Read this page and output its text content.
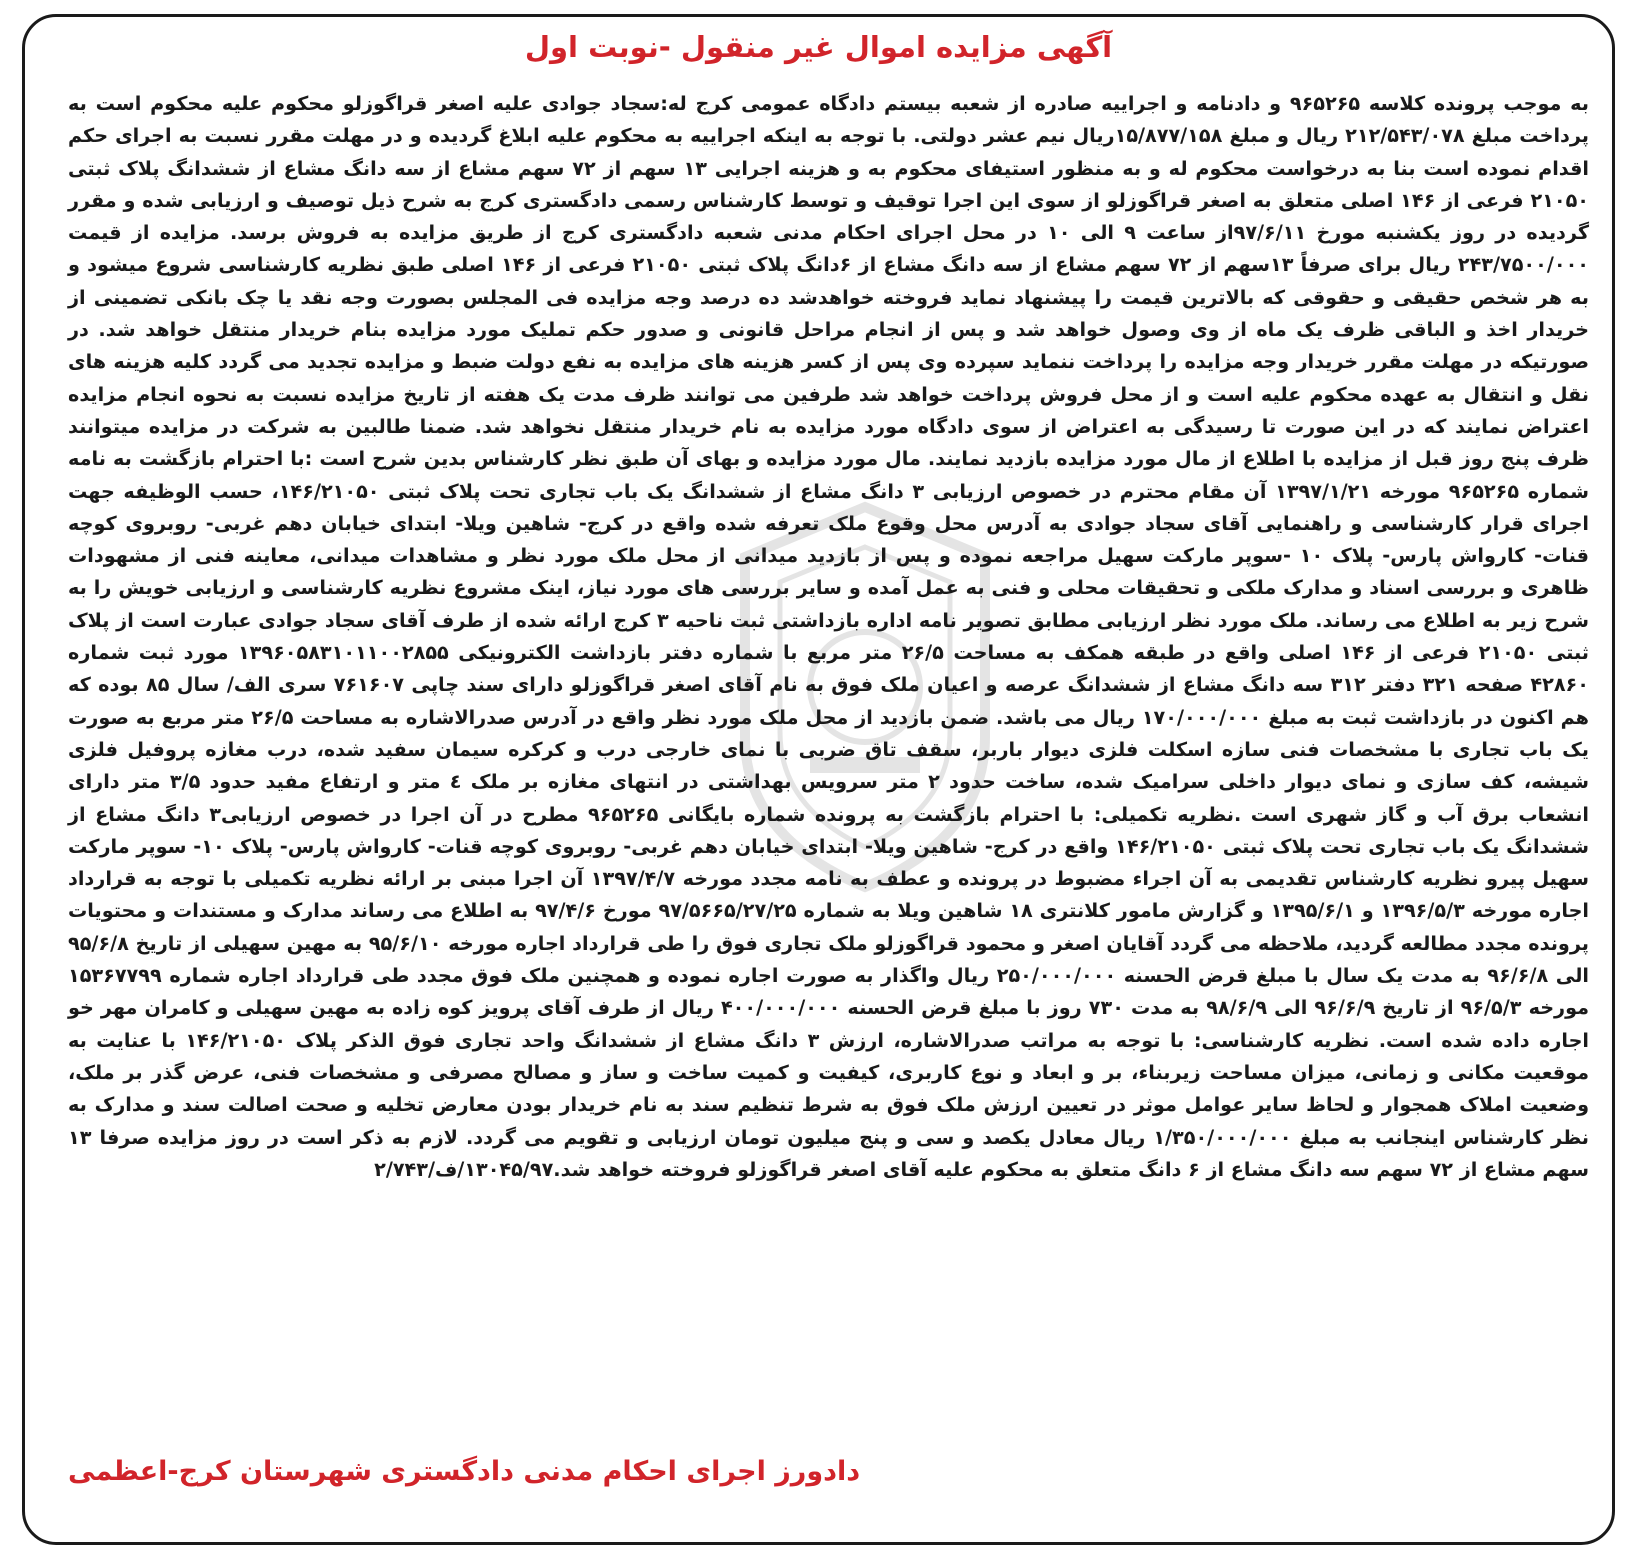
آگهی مزایده اموال غیر منقول -نوبت اول

به موجب پرونده کلاسه ۹۶۵۲۶۵ و دادنامه و اجراییه صادره از شعبه بیستم دادگاه عمومی کرج له:سجاد جوادی علیه اصغر قراگوزلو محکوم علیه محکوم است به پرداخت مبلغ ۲۱۲/۵۴۳/۰۷۸ ریال و مبلغ ۱۵/۸۷۷/۱۵۸ریال نیم عشر دولتی. با توجه به اینکه اجراییه به محکوم علیه ابلاغ گردیده و در مهلت مقرر نسبت به اجرای حکم اقدام نموده است بنا به درخواست محکوم له و به منظور استیفای محکوم به و هزینه اجرایی ۱۳ سهم از ۷۲ سهم مشاع از سه دانگ مشاع از ششدانگ پلاک ثبتی ۲۱۰۵۰ فرعی از ۱۴۶ اصلی متعلق به اصغر قراگوزلو از سوی این اجرا توقیف و توسط کارشناس رسمی دادگستری کرج به شرح ذیل توصیف و ارزیابی شده و مقرر گردیده در روز یکشنبه مورخ ۹۷/۶/۱۱از ساعت ۹ الی ۱۰ در محل اجرای احکام مدنی شعبه دادگستری کرج از طریق مزایده به فروش برسد. مزایده از قیمت ۲۴۳/۷۵۰۰/۰۰۰ ریال برای صرفاً ۱۳سهم از ۷۲ سهم مشاع از سه دانگ مشاع از ۶دانگ پلاک ثبتی ۲۱۰۵۰ فرعی از ۱۴۶ اصلی طبق نظریه کارشناسی شروع میشود و به هر شخص حقیقی و حقوقی که بالاترین قیمت را پیشنهاد نماید فروخته خواهدشد ده درصد وجه مزایده فی المجلس بصورت وجه نقد یا چک بانکی تضمینی از خریدار اخذ و الباقی ظرف یک ماه از وی وصول خواهد شد و پس از انجام مراحل قانونی و صدور حکم تملیک مورد مزایده بنام خریدار منتقل خواهد شد. در صورتیکه در مهلت مقرر خریدار وجه مزایده را پرداخت ننماید سپرده وی پس از کسر هزینه های مزایده به نفع دولت ضبط و مزایده تجدید می گردد کلیه هزینه های نقل و انتقال به عهده محکوم علیه است و از محل فروش پرداخت خواهد شد طرفین می توانند ظرف مدت یک هفته از تاریخ مزایده نسبت به نحوه انجام مزایده اعتراض نمایند که در این صورت تا رسیدگی به اعتراض از سوی دادگاه مورد مزایده به نام خریدار منتقل نخواهد شد. ضمنا طالبین به شرکت در مزایده میتوانند ظرف پنج روز قبل از مزایده با اطلاع از مال مورد مزایده بازدید نمایند. مال مورد مزایده و بهای آن طبق نظر کارشناس بدین شرح است :با احترام بازگشت به نامه شماره ۹۶۵۲۶۵ مورخه ۱۳۹۷/۱/۲۱ آن مقام محترم در خصوص ارزیابی ۳ دانگ مشاع از ششدانگ یک باب تجاری تحت پلاک ثبتی ۱۴۶/۲۱۰۵۰، حسب الوظیفه جهت اجرای قرار کارشناسی و راهنمایی آقای سجاد جوادی به آدرس محل وقوع ملک تعرفه شده واقع در کرج- شاهین ویلا- ابتدای خیابان دهم غربی- روبروی کوچه قنات- کارواش پارس- پلاک ۱۰ -سوپر مارکت سهیل مراجعه نموده و پس از بازدید میدانی از محل ملک مورد نظر و مشاهدات میدانی، معاینه فنی از مشهودات ظاهری و بررسی اسناد و مدارک ملکی و تحقیقات محلی و فنی به عمل آمده و سایر بررسی های مورد نیاز، اینک مشروع نظریه کارشناسی و ارزیابی خویش را به شرح زیر به اطلاع می رساند. ملک مورد نظر ارزیابی مطابق تصویر نامه اداره بازداشتی ثبت ناحیه ۳ کرج ارائه شده از طرف آقای سجاد جوادی عبارت است از پلاک ثبتی ۲۱۰۵۰ فرعی از ۱۴۶ اصلی واقع در طبقه همکف به مساحت ۲۶/۵ متر مربع با شماره دفتر بازداشت الکترونیکی ۱۳۹۶۰۵۸۳۱۰۱۱۰۰۲۸۵۵ مورد ثبت شماره ۴۲۸۶۰ صفحه ۳۲۱ دفتر ۳۱۲ سه دانگ مشاع از ششدانگ عرصه و اعیان ملک فوق به نام آقای اصغر قراگوزلو دارای سند چاپی ۷۶۱۶۰۷ سری الف/ سال ۸۵ بوده که هم اکنون در بازداشت ثبت به مبلغ ۱۷۰/۰۰۰/۰۰۰ ریال می باشد. ضمن بازدید از محل ملک مورد نظر واقع در آدرس صدرالاشاره به مساحت ۲۶/۵ متر مربع به صورت یک باب تجاری با مشخصات فنی سازه اسکلت فلزی دیوار باربر، سقف تاق ضربی با نمای خارجی درب و کرکره سیمان سفید شده، درب مغازه پروفیل فلزی شیشه، کف سازی و نمای دیوار داخلی سرامیک شده، ساخت حدود ۲ متر سرویس بهداشتی در انتهای مغازه بر ملک ٤ متر و ارتفاع مفید حدود ۳/۵ متر دارای انشعاب برق آب و گاز شهری است .نظریه تکمیلی: با احترام بازگشت به پرونده شماره بایگانی ۹۶۵۲۶۵ مطرح در آن اجرا در خصوص ارزیابی۳ دانگ مشاع از ششدانگ یک باب تجاری تحت پلاک ثبتی ۱۴۶/۲۱۰۵۰ واقع در کرج- شاهین ویلا- ابتدای خیابان دهم غربی- روبروی کوچه قنات- کارواش پارس- پلاک ۱۰- سوپر مارکت سهیل پیرو نظریه کارشناس تقدیمی به آن اجراء مضبوط در پرونده و عطف به نامه مجدد مورخه ۱۳۹۷/۴/۷ آن اجرا مبنی بر ارائه نظریه تکمیلی با توجه به قرارداد اجاره مورخه ۱۳۹۶/۵/۳ و ۱۳۹۵/۶/۱ و گزارش مامور کلانتری ۱۸ شاهین ویلا به شماره ۹۷/۵۶۶۵/۲۷/۲۵ مورخ ۹۷/۴/۶ به اطلاع می رساند مدارک و مستندات و محتویات پرونده مجدد مطالعه گردید، ملاحظه می گردد آقایان اصغر و محمود قراگوزلو ملک تجاری فوق را طی قرارداد اجاره مورخه ۹۵/۶/۱۰ به مهین سهیلی از تاریخ ۹۵/۶/۸ الی ۹۶/۶/۸ به مدت یک سال با مبلغ قرض الحسنه ۲۵۰/۰۰۰/۰۰۰ ریال واگذار به صورت اجاره نموده و همچنین ملک فوق مجدد طی قرارداد اجاره شماره ۱۵۳۶۷۷۹۹ مورخه ۹۶/۵/۳ از تاریخ ۹۶/۶/۹ الی ۹۸/۶/۹ به مدت ۷۳۰ روز با مبلغ قرض الحسنه ۴۰۰/۰۰۰/۰۰۰ ریال از طرف آقای پرویز کوه زاده به مهین سهیلی و کامران مهر خو اجاره داده شده است. نظریه کارشناسی: با توجه به مراتب صدرالاشاره، ارزش ۳ دانگ مشاع از ششدانگ واحد تجاری فوق الذکر پلاک ۱۴۶/۲۱۰۵۰ با عنایت به موقعیت مکانی و زمانی، میزان مساحت زیربناء، بر و ابعاد و نوع کاربری، کیفیت و کمیت ساخت و ساز و مصالح مصرفی و مشخصات فنی، عرض گذر بر ملک، وضعیت املاک همجوار و لحاظ سایر عوامل موثر در تعیین ارزش ملک فوق به شرط تنظیم سند به نام خریدار بودن معارض تخلیه و صحت اصالت سند و مدارک به نظر کارشناس اینجانب به مبلغ ۱/۳۵۰/۰۰۰/۰۰۰ ریال معادل یکصد و سی و پنج میلیون تومان ارزیابی و تقویم می گردد. لازم به ذکر است در روز مزایده صرفا ۱۳ سهم مشاع از ۷۲ سهم سه دانگ مشاع از ۶ دانگ متعلق به محکوم علیه آقای اصغر قراگوزلو فروخته خواهد شد.۱۳۰۴۵/۹۷/ف/۲/۷۴۳

دادورز اجرای احکام مدنی دادگستری شهرستان کرج-اعظمی
